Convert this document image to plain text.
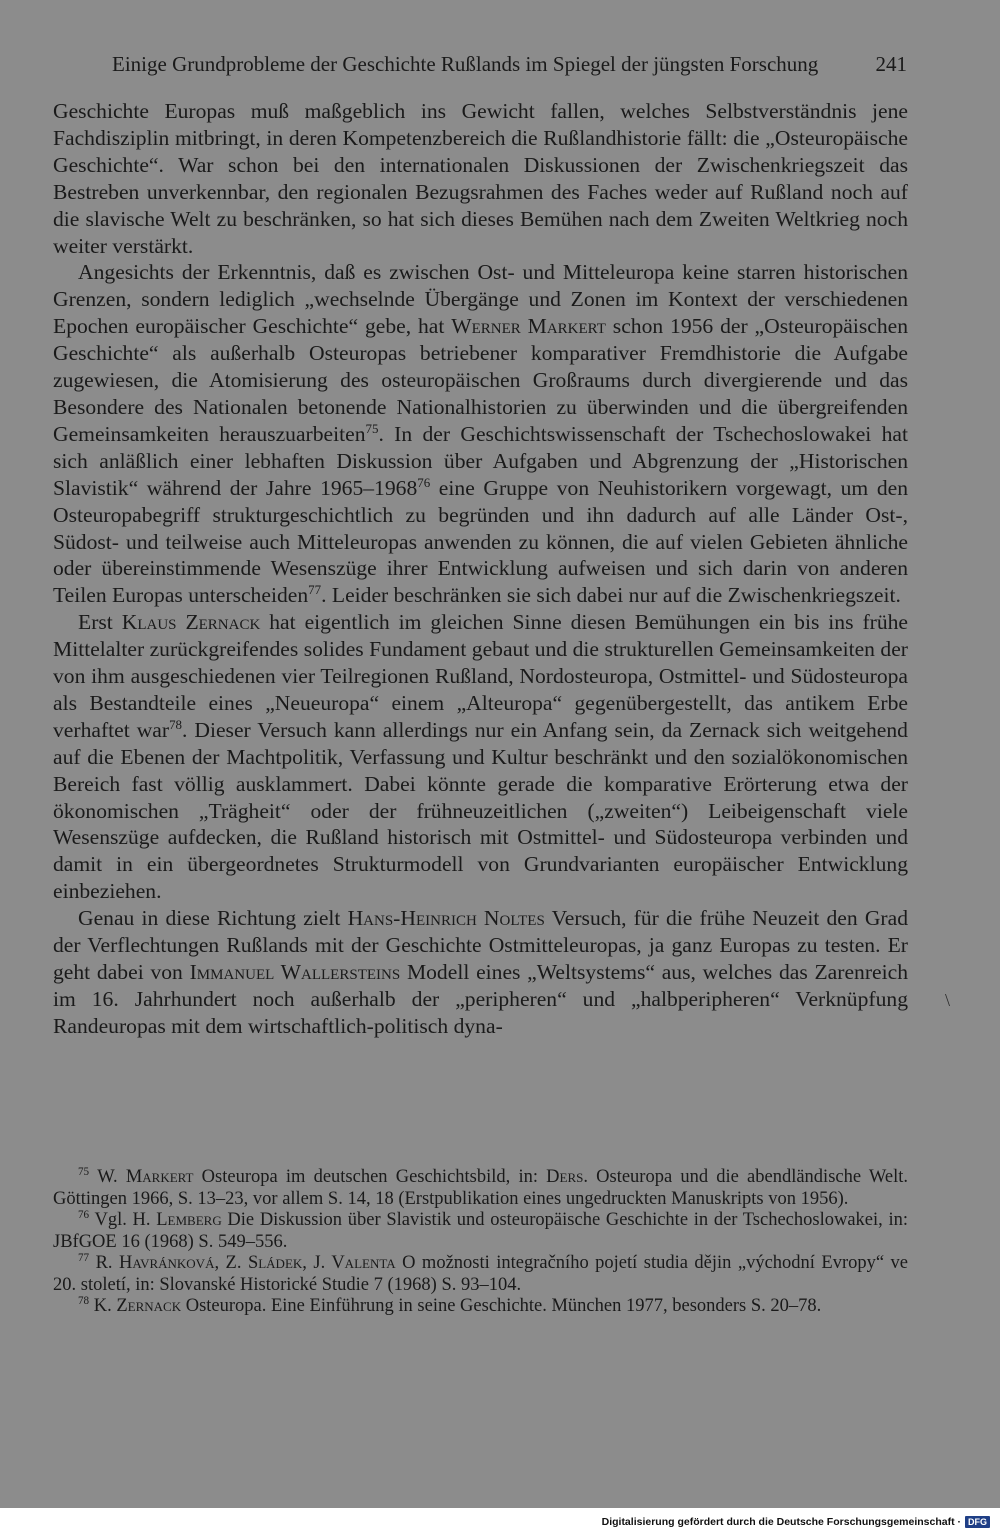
Einige Grundprobleme der Geschichte Rußlands im Spiegel der jüngsten Forschung	241

Geschichte Europas muß maßgeblich ins Gewicht fallen, welches Selbstverständnis jene Fachdisziplin mitbringt, in deren Kompetenzbereich die Rußlandhistorie fällt: die „Osteuropäische Geschichte“. War schon bei den internationalen Diskussionen der Zwischenkriegszeit das Bestreben unverkennbar, den regionalen Bezugsrahmen des Faches weder auf Rußland noch auf die slavische Welt zu beschränken, so hat sich dieses Bemühen nach dem Zweiten Weltkrieg noch weiter verstärkt.

Angesichts der Erkenntnis, daß es zwischen Ost- und Mitteleuropa keine starren historischen Grenzen, sondern lediglich „wechselnde Übergänge und Zonen im Kontext der verschiedenen Epochen europäischer Geschichte“ gebe, hat Werner Markert schon 1956 der „Osteuropäischen Geschichte“ als außerhalb Osteuropas betriebener komparativer Fremdhistorie die Aufgabe zugewiesen, die Atomisierung des osteuropäischen Großraums durch divergierende und das Besondere des Nationalen betonende Nationalhistorien zu überwinden und die übergreifenden Gemeinsamkeiten herauszuarbeiten$^{75}$. In der Geschichtswissenschaft der Tschechoslowakei hat sich anläßlich einer lebhaften Diskussion über Aufgaben und Abgrenzung der „Historischen Slavistik“ während der Jahre 1965–1968$^{76}$ eine Gruppe von Neuhistorikern vorgewagt, um den Osteuropabegriff strukturgeschichtlich zu begründen und ihn dadurch auf alle Länder Ost-, Südost- und teilweise auch Mitteleuropas anwenden zu können, die auf vielen Gebieten ähnliche oder übereinstimmende Wesenszüge ihrer Entwicklung aufweisen und sich darin von anderen Teilen Europas unterscheiden$^{77}$. Leider beschränken sie sich dabei nur auf die Zwischenkriegszeit.

Erst Klaus Zernack hat eigentlich im gleichen Sinne diesen Bemühungen ein bis ins frühe Mittelalter zurückgreifendes solides Fundament gebaut und die strukturellen Gemeinsamkeiten der von ihm ausgeschiedenen vier Teilregionen Rußland, Nordosteuropa, Ostmittel- und Südosteuropa als Bestandteile eines „Neueuropa“ einem „Alteuropa“ gegenübergestellt, das antikem Erbe verhaftet war$^{78}$. Dieser Versuch kann allerdings nur ein Anfang sein, da Zernack sich weitgehend auf die Ebenen der Machtpolitik, Verfassung und Kultur beschränkt und den sozialökonomischen Bereich fast völlig ausklammert. Dabei könnte gerade die komparative Erörterung etwa der ökonomischen „Trägheit“ oder der frühneuzeitlichen („zweiten“) Leibeigenschaft viele Wesenszüge aufdecken, die Rußland historisch mit Ostmittel- und Südosteuropa verbinden und damit in ein übergeordnetes Strukturmodell von Grundvarianten europäischer Entwicklung einbeziehen.

Genau in diese Richtung zielt Hans-Heinrich Noltes Versuch, für die frühe Neuzeit den Grad der Verflechtungen Rußlands mit der Geschichte Ostmitteleuropas, ja ganz Europas zu testen. Er geht dabei von Immanuel Wallersteins Modell eines „Weltsystems“ aus, welches das Zarenreich im 16. Jahrhundert noch außerhalb der „peripheren“ und „halbperipheren“ Verknüpfung Randeuropas mit dem wirtschaftlich-politisch dyna-

\

$^{75}$ W. Markert Osteuropa im deutschen Geschichtsbild, in: Ders. Osteuropa und die abendländische Welt. Göttingen 1966, S. 13–23, vor allem S. 14, 18 (Erstpublikation eines ungedruckten Manuskripts von 1956).

$^{76}$ Vgl. H. Lemberg Die Diskussion über Slavistik und osteuropäische Geschichte in der Tschechoslowakei, in: JBfGOE 16 (1968) S. 549–556.

$^{77}$ R. Havránková, Z. Sládek, J. Valenta O možnosti integračního pojetí studia dějin „východní Evropy“ ve 20. století, in: Slovanské Historické Studie 7 (1968) S. 93–104.

$^{78}$ K. Zernack Osteuropa. Eine Einführung in seine Geschichte. München 1977, besonders S. 20–78.

Digitalisierung gefördert durch die Deutsche Forschungsgemeinschaft · DFG
